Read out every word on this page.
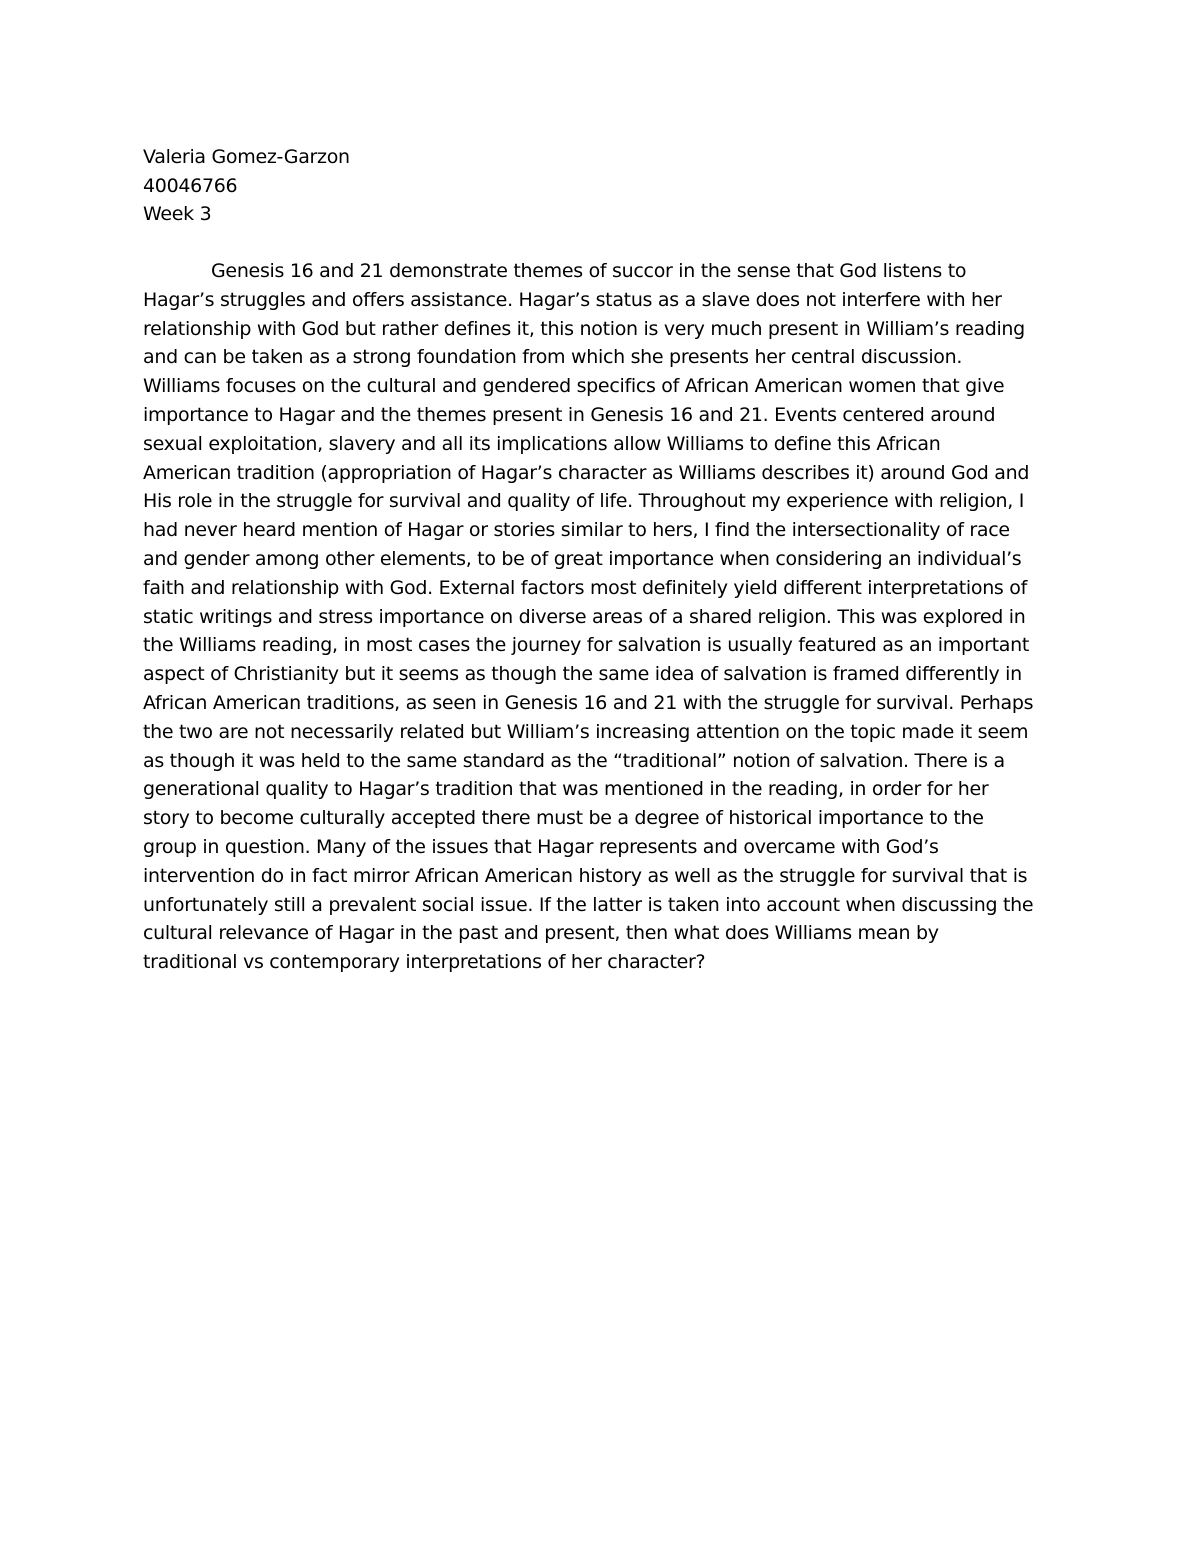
Valeria Gomez-Garzon
40046766
Week 3
Genesis 16 and 21 demonstrate themes of succor in the sense that God listens to
Hagar’s struggles and offers assistance. Hagar’s status as a slave does not interfere with her
relationship with God but rather defines it, this notion is very much present in William’s reading
and can be taken as a strong foundation from which she presents her central discussion.
Williams focuses on the cultural and gendered specifics of African American women that give
importance to Hagar and the themes present in Genesis 16 and 21. Events centered around
sexual exploitation, slavery and all its implications allow Williams to define this African
American tradition (appropriation of Hagar’s character as Williams describes it) around God and
His role in the struggle for survival and quality of life. Throughout my experience with religion, I
had never heard mention of Hagar or stories similar to hers, I find the intersectionality of race
and gender among other elements, to be of great importance when considering an individual’s
faith and relationship with God. External factors most definitely yield different interpretations of
static writings and stress importance on diverse areas of a shared religion. This was explored in
the Williams reading, in most cases the journey for salvation is usually featured as an important
aspect of Christianity but it seems as though the same idea of salvation is framed differently in
African American traditions, as seen in Genesis 16 and 21 with the struggle for survival. Perhaps
the two are not necessarily related but William’s increasing attention on the topic made it seem
as though it was held to the same standard as the “traditional” notion of salvation. There is a
generational quality to Hagar’s tradition that was mentioned in the reading, in order for her
story to become culturally accepted there must be a degree of historical importance to the
group in question. Many of the issues that Hagar represents and overcame with God’s
intervention do in fact mirror African American history as well as the struggle for survival that is
unfortunately still a prevalent social issue. If the latter is taken into account when discussing the
cultural relevance of Hagar in the past and present, then what does Williams mean by
traditional vs contemporary interpretations of her character?
